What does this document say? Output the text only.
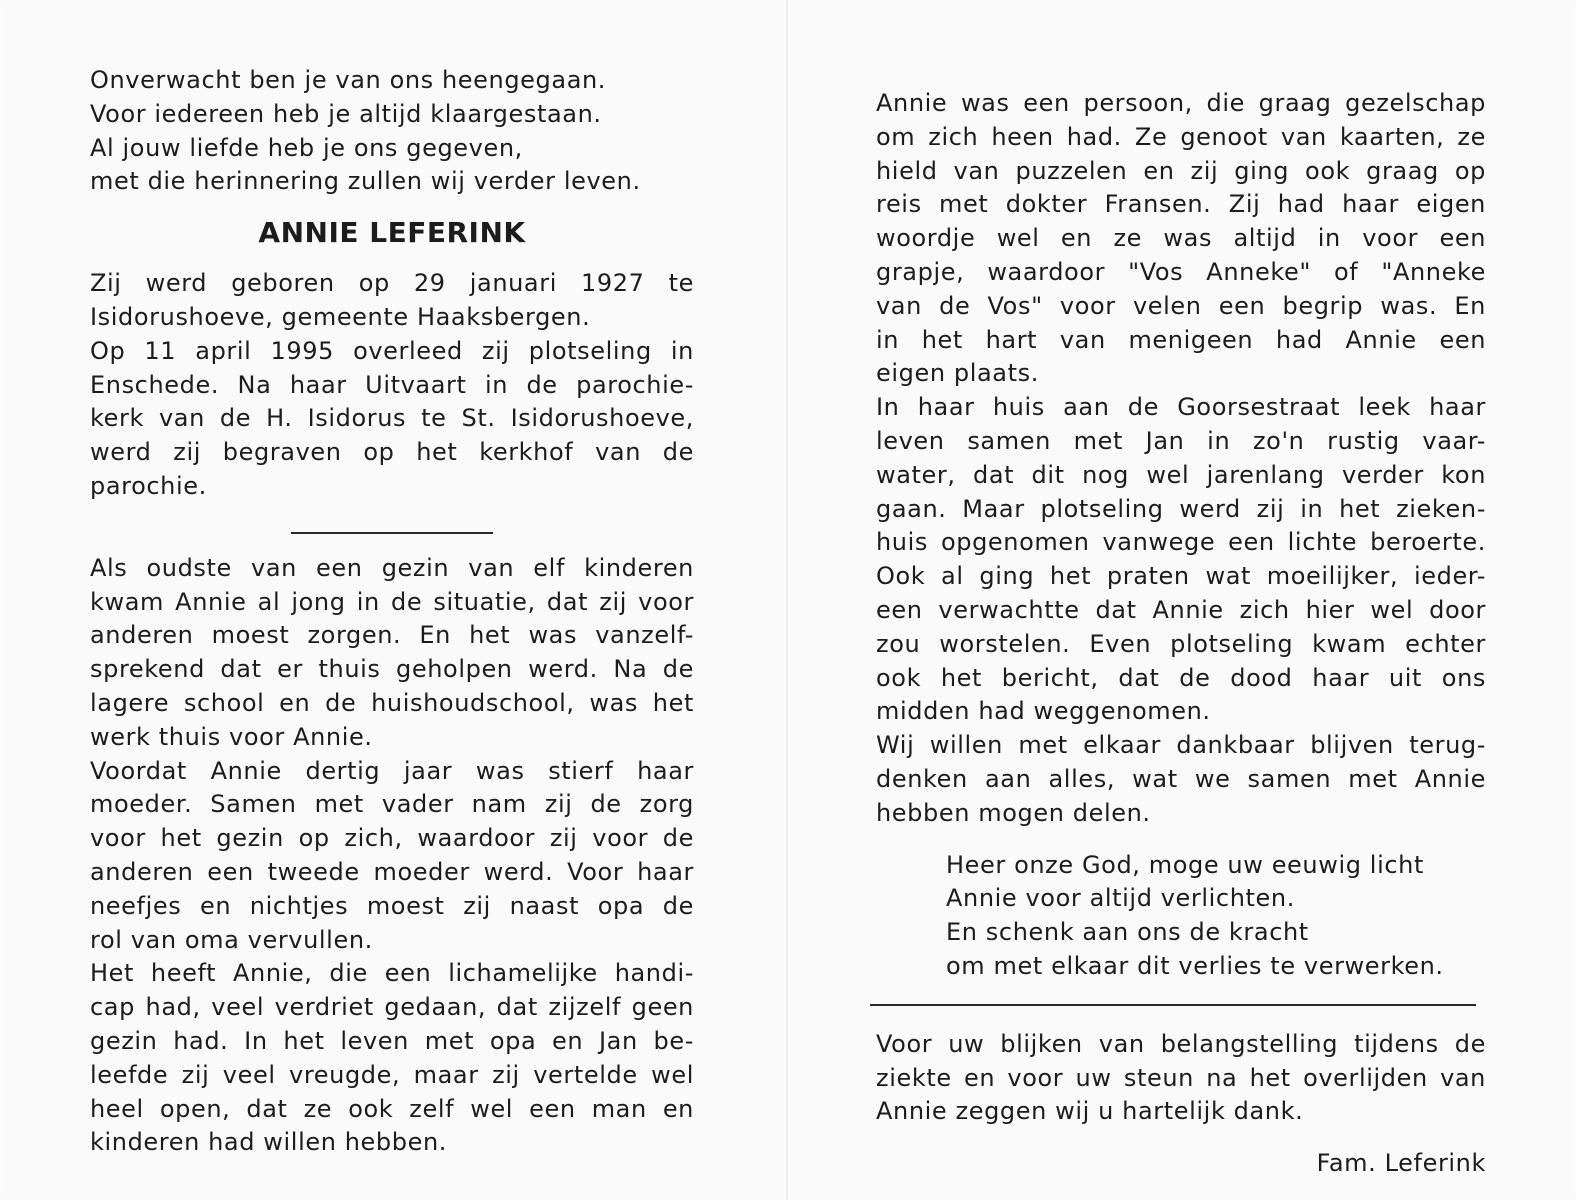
Onverwacht ben je van ons heengegaan.
Voor iedereen heb je altijd klaargestaan.
Al jouw liefde heb je ons gegeven,
met die herinnering zullen wij verder leven.

ANNIE LEFERINK

Zij werd geboren op 29 januari 1927 te

Isidorushoeve, gemeente Haaksbergen.

Op 11 april 1995 overleed zij plotseling in

Enschede. Na haar Uitvaart in de parochie-

kerk van de H. Isidorus te St. Isidorushoeve,

werd zij begraven op het kerkhof van de

parochie.

Als oudste van een gezin van elf kinderen

kwam Annie al jong in de situatie, dat zij voor

anderen moest zorgen. En het was vanzelf-

sprekend dat er thuis geholpen werd. Na de

lagere school en de huishoudschool, was het

werk thuis voor Annie.

Voordat Annie dertig jaar was stierf haar

moeder. Samen met vader nam zij de zorg

voor het gezin op zich, waardoor zij voor de

anderen een tweede moeder werd. Voor haar

neefjes en nichtjes moest zij naast opa de

rol van oma vervullen.

Het heeft Annie, die een lichamelijke handi-

cap had, veel verdriet gedaan, dat zijzelf geen

gezin had. In het leven met opa en Jan be-

leefde zij veel vreugde, maar zij vertelde wel

heel open, dat ze ook zelf wel een man en

kinderen had willen hebben.

Annie was een persoon, die graag gezelschap

om zich heen had. Ze genoot van kaarten, ze

hield van puzzelen en zij ging ook graag op

reis met dokter Fransen. Zij had haar eigen

woordje wel en ze was altijd in voor een

grapje, waardoor "Vos Anneke" of "Anneke

van de Vos" voor velen een begrip was. En

in het hart van menigeen had Annie een

eigen plaats.

In haar huis aan de Goorsestraat leek haar

leven samen met Jan in zo'n rustig vaar-

water, dat dit nog wel jarenlang verder kon

gaan. Maar plotseling werd zij in het zieken-

huis opgenomen vanwege een lichte beroerte.

Ook al ging het praten wat moeilijker, ieder-

een verwachtte dat Annie zich hier wel door

zou worstelen. Even plotseling kwam echter

ook het bericht, dat de dood haar uit ons

midden had weggenomen.

Wij willen met elkaar dankbaar blijven terug-

denken aan alles, wat we samen met Annie

hebben mogen delen.

Heer onze God, moge uw eeuwig licht
Annie voor altijd verlichten.
En schenk aan ons de kracht
om met elkaar dit verlies te verwerken.

Voor uw blijken van belangstelling tijdens de

ziekte en voor uw steun na het overlijden van

Annie zeggen wij u hartelijk dank.

Fam. Leferink
